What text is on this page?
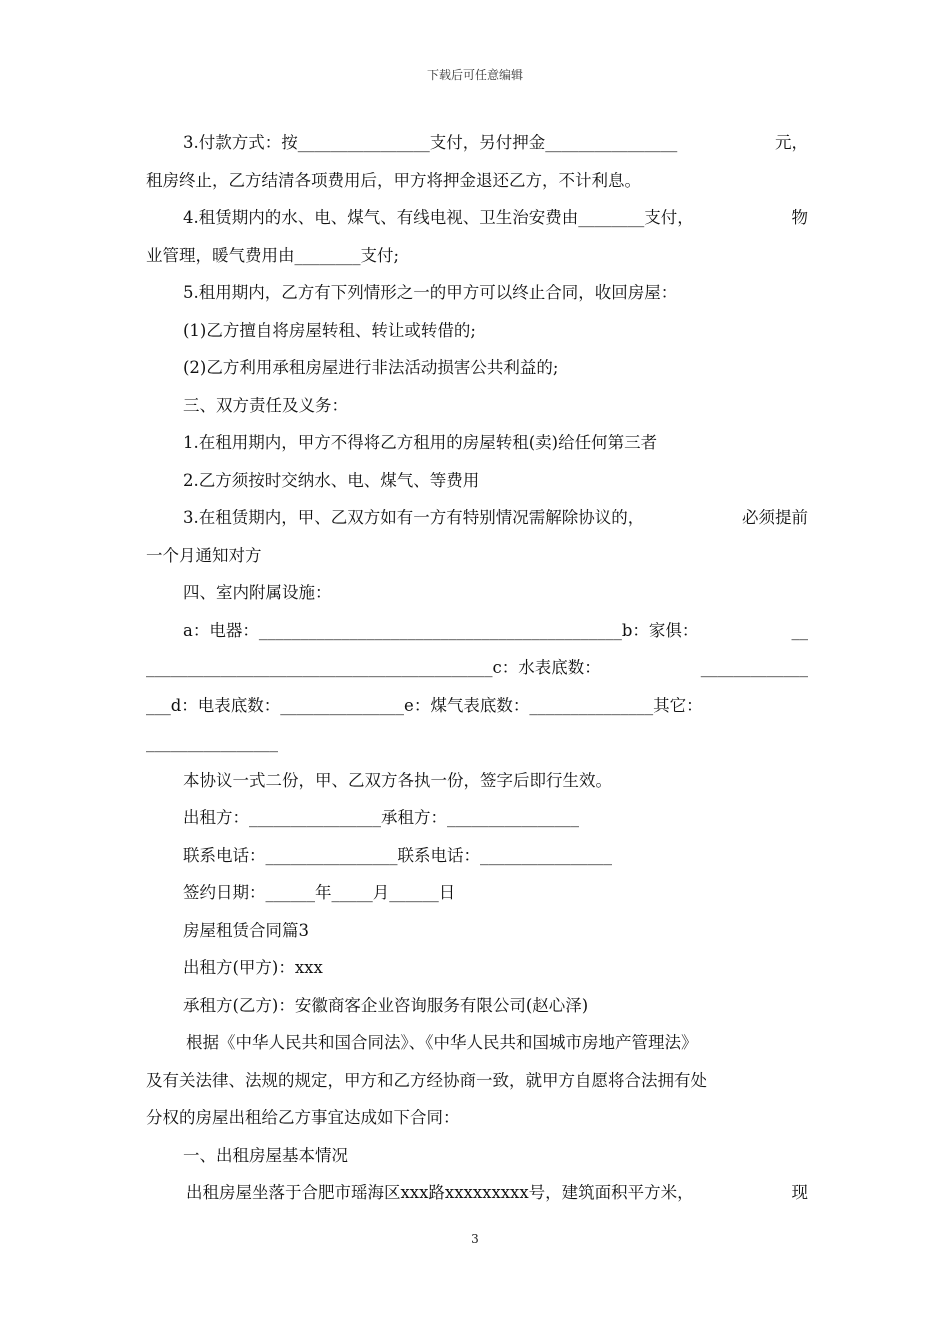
下载后可任意编辑
3.付款方式：按________________支付，另付押金________________	元，
租房终止，乙方结清各项费用后，甲方将押金退还乙方，不计利息。
4.租赁期内的水、电、煤气、有线电视、卫生治安费由________支付，	物
业管理，暖气费用由________支付;
5.租用期内，乙方有下列情形之一的甲方可以终止合同，收回房屋：
(1)乙方擅自将房屋转租、转让或转借的;
(2)乙方利用承租房屋进行非法活动损害公共利益的;
三、双方责任及义务：
1.在租用期内，甲方不得将乙方租用的房屋转租(卖)给任何第三者
2.乙方须按时交纳水、电、煤气、等费用
3.在租赁期内，甲、乙双方如有一方有特别情况需解除协议的，	必须提前
一个月通知对方
四、室内附属设施：
a：电器：____________________________________________b：家俱：	__
__________________________________________c：水表底数：	_____________
___d：电表底数：_______________e：煤气表底数：_______________其它：
________________
本协议一式二份，甲、乙双方各执一份，签字后即行生效。
出租方：________________承租方：________________
联系电话：________________联系电话：________________
签约日期：______年_____月______日
房屋租赁合同篇3
出租方(甲方)：xxx
承租方(乙方)：安徽商客企业咨询服务有限公司(赵心泽)
根据《中华人民共和国合同法》、《中华人民共和国城市房地产管理法》
及有关法律、法规的规定，甲方和乙方经协商一致，就甲方自愿将合法拥有处
分权的房屋出租给乙方事宜达成如下合同：
一、出租房屋基本情况
出租房屋坐落于合肥市瑶海区xxx路xxxxxxxxx号，建筑面积平方米，	现
3
